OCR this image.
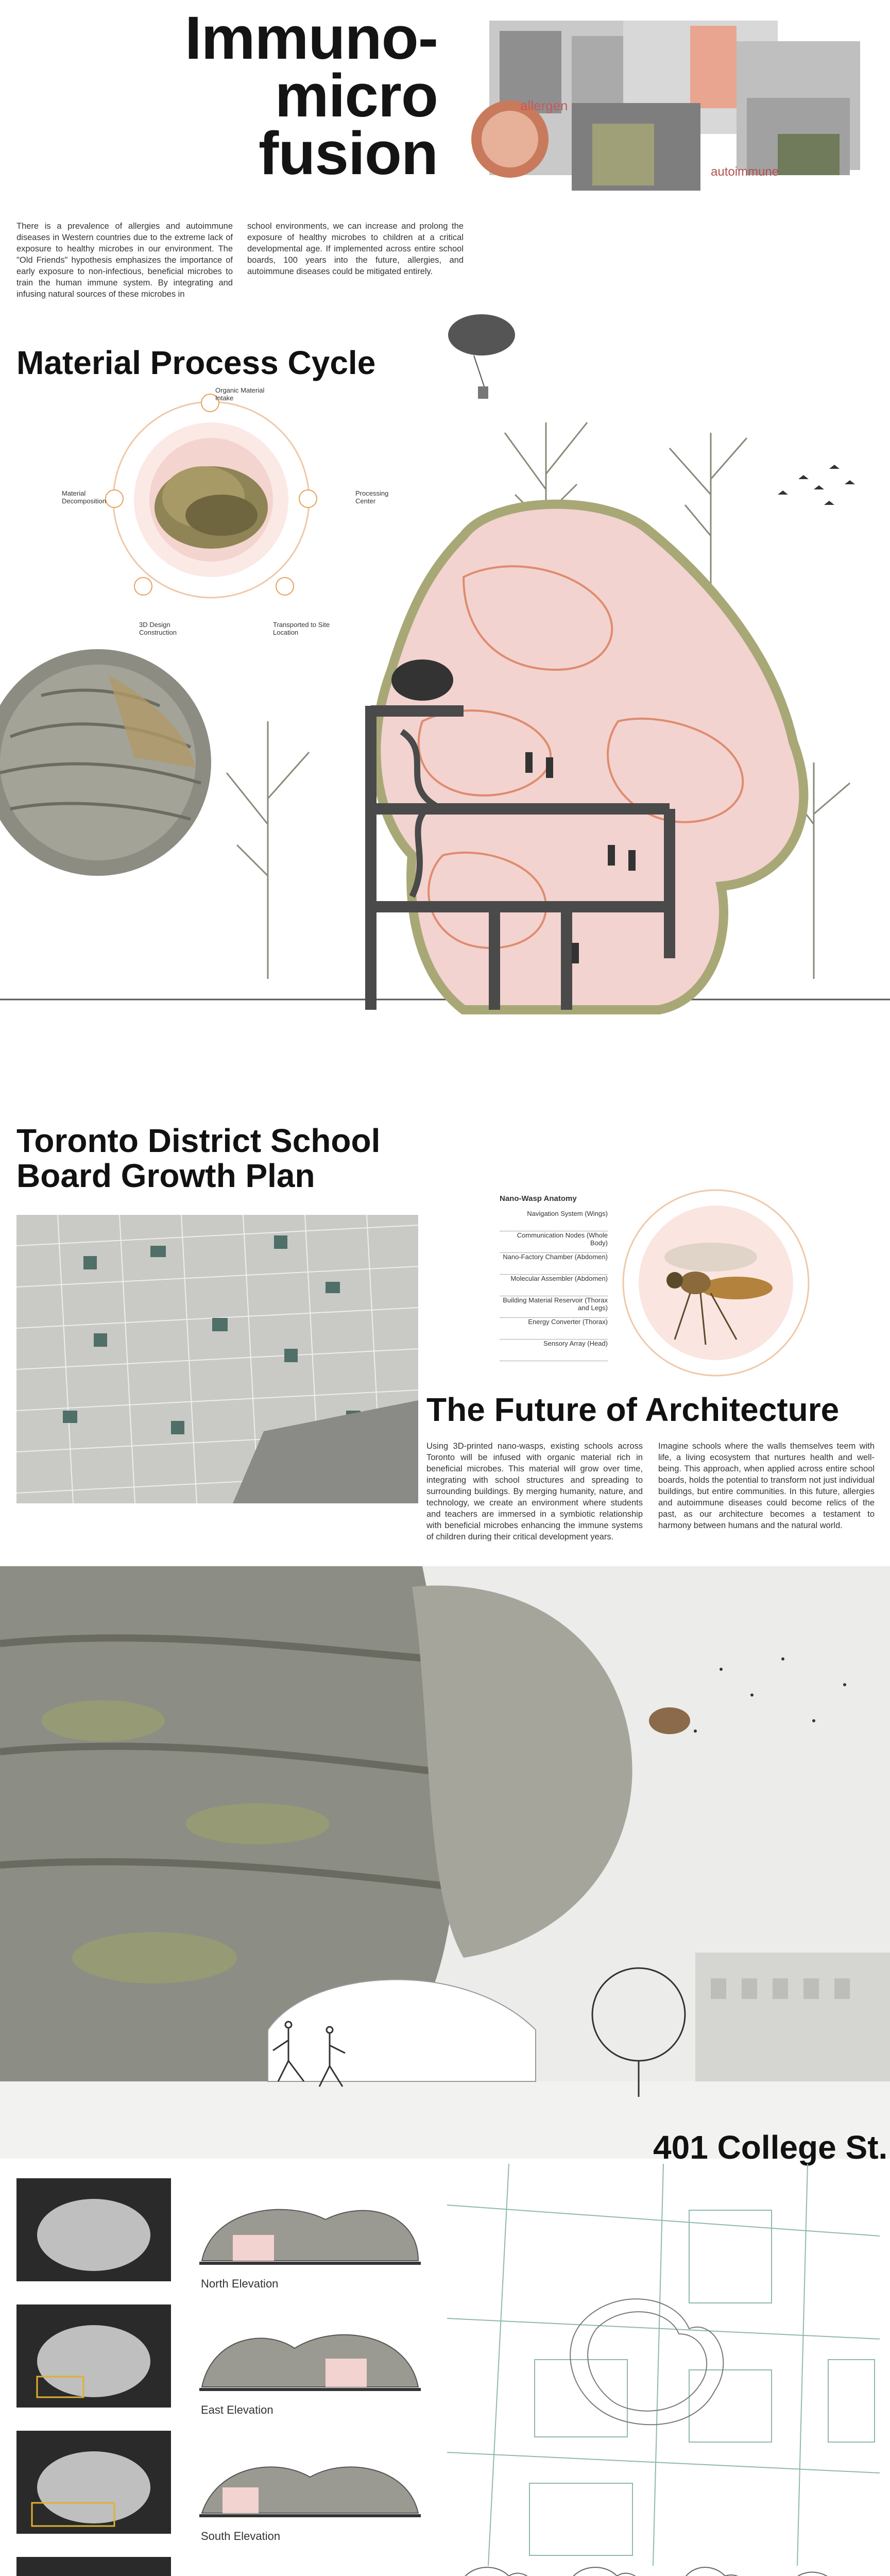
Immuno-
micro
fusion
allergen
autoimmune
There is a prevalence of allergies and autoimmune diseases in Western countries due to the extreme lack of exposure to healthy microbes in our environment. The "Old Friends" hypothesis emphasizes the importance of early exposure to non-infectious, beneficial microbes to train the human immune system. By integrating and infusing natural sources of these microbes in
school environments, we can increase and prolong the exposure of healthy microbes to children at a critical developmental age. If implemented across entire school boards, 100 years into the future, allergies, and autoimmune diseases could be mitigated entirely.
Material Process Cycle
Organic Material Intake
Processing Center
Transported to Site Location
3D Design Construction
Material Decomposition
Toronto District School
Board Growth Plan
Nano-Wasp Anatomy
Navigation System (Wings)
Communication Nodes (Whole Body)
Nano-Factory Chamber (Abdomen)
Molecular Assembler (Abdomen)
Building Material Reservoir (Thorax and Legs)
Energy Converter (Thorax)
Sensory Array (Head)
The Future of Architecture
Using 3D-printed nano-wasps, existing schools across Toronto will be infused with organic material rich in beneficial microbes. This material will grow over time, integrating with school structures and spreading to surrounding buildings. By merging humanity, nature, and technology, we create an environment where students and teachers are immersed in a symbiotic relationship with beneficial microbes enhancing the immune systems of children during their critical development years.
Imagine schools where the walls themselves teem with life, a living ecosystem that nurtures health and well-being. This approach, when applied across entire school boards, holds the potential to transform not just individual buildings, but entire communities. In this future, allergies and autoimmune diseases could become relics of the past, as our architecture becomes a testament to harmony between humans and the natural world.
401 College St.
North Elevation
East Elevation
South Elevation
